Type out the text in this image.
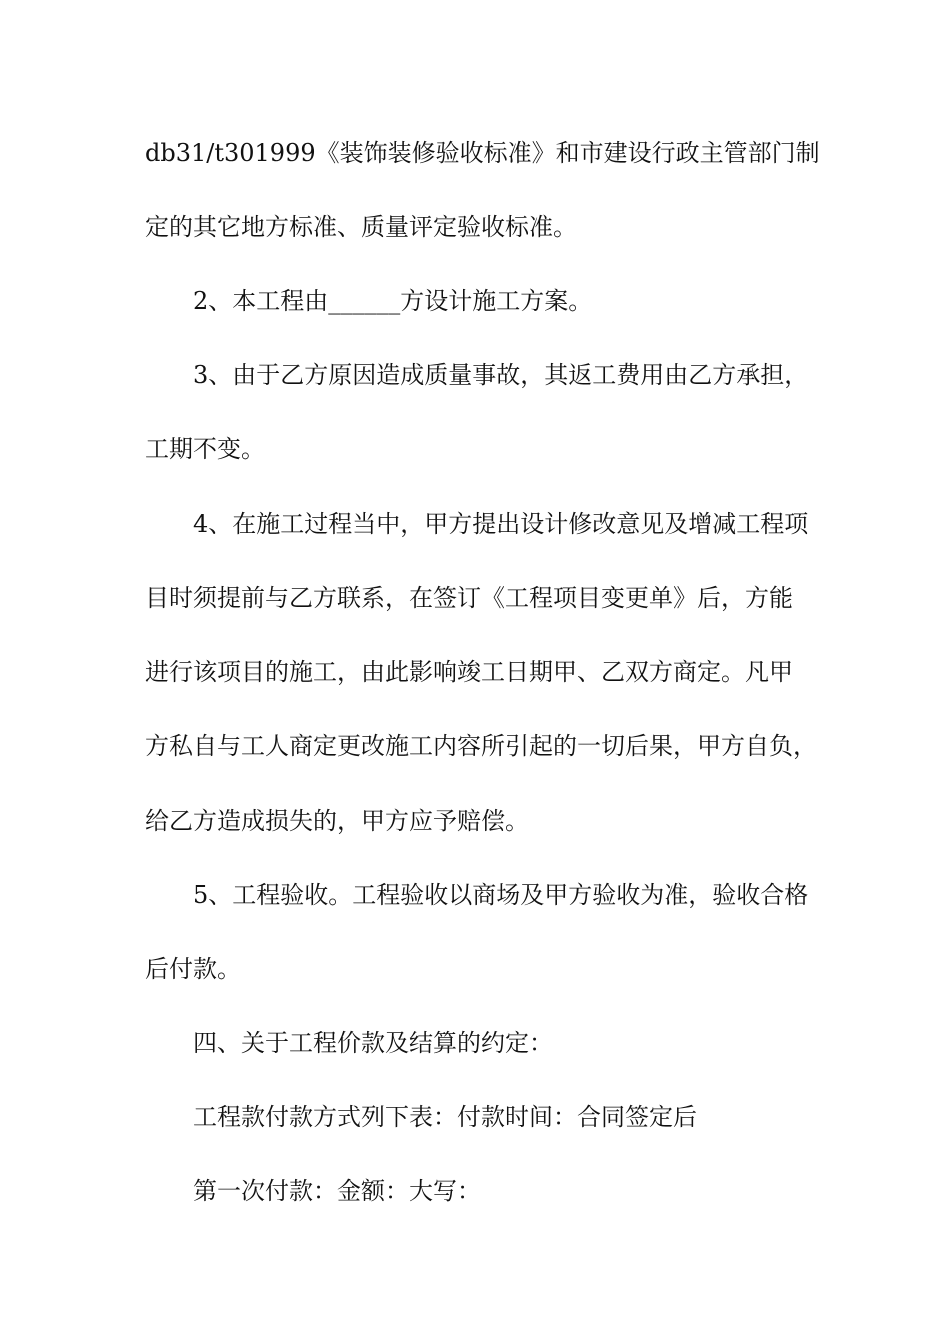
db31/t301999《装饰装修验收标准》和市建设行政主管部门制
定的其它地方标准、质量评定验收标准。
2、本工程由______方设计施工方案。
3、由于乙方原因造成质量事故，其返工费用由乙方承担，
工期不变。
4、在施工过程当中，甲方提出设计修改意见及增减工程项
目时须提前与乙方联系，在签订《工程项目变更单》后，方能
进行该项目的施工，由此影响竣工日期甲、乙双方商定。凡甲
方私自与工人商定更改施工内容所引起的一切后果，甲方自负，
给乙方造成损失的，甲方应予赔偿。
5、工程验收。工程验收以商场及甲方验收为准，验收合格
后付款。
四、关于工程价款及结算的约定：
工程款付款方式列下表：付款时间：合同签定后
第一次付款：金额：大写：
